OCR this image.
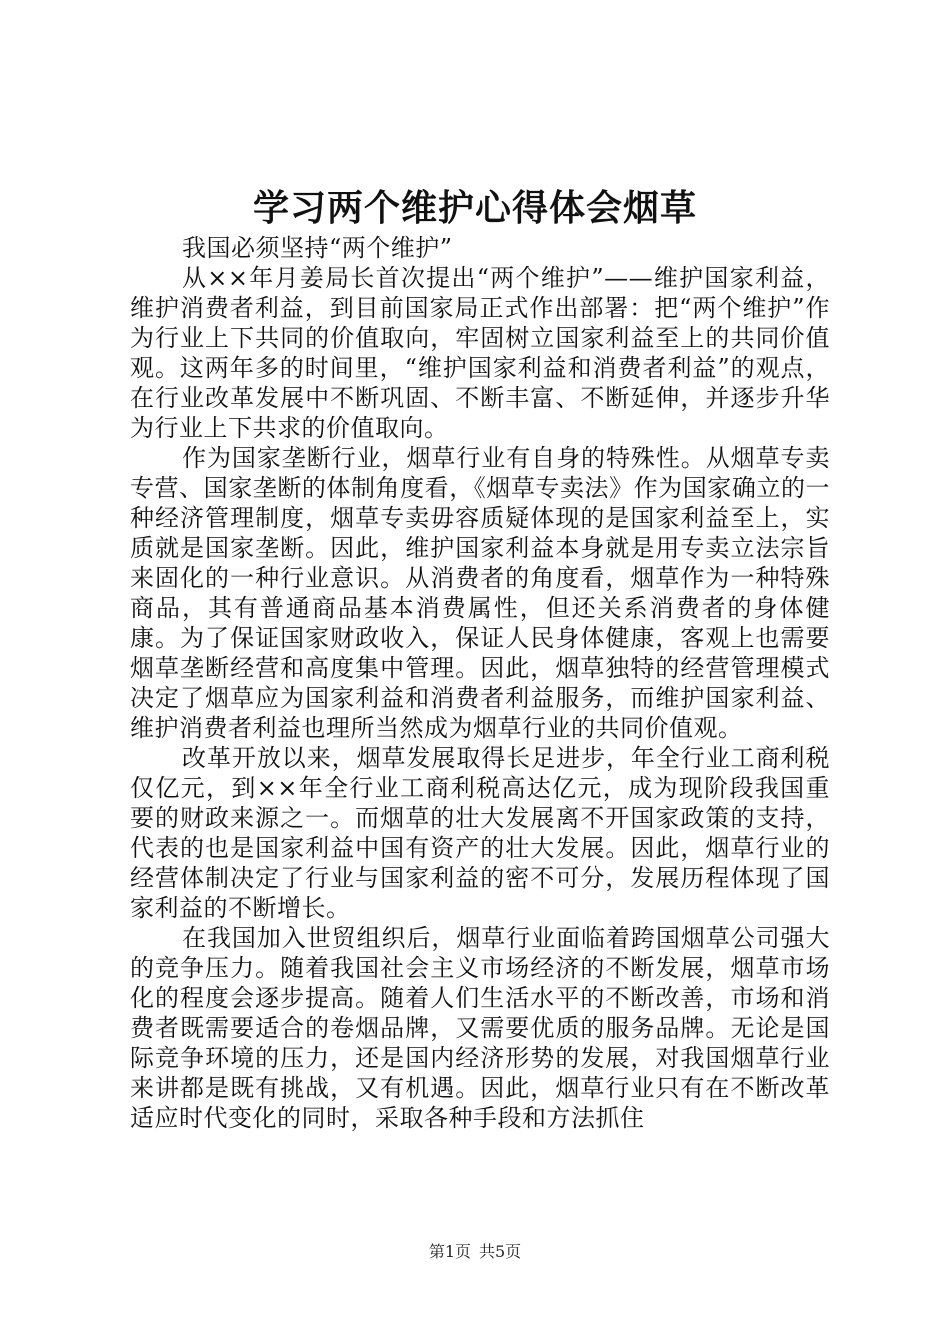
学习两个维护心得体会烟草

我国必须坚持“两个维护”

从××年月姜局长首次提出“两个维护”——维护国家利益，维护消费者利益，到目前国家局正式作出部署：把“两个维护”作为行业上下共同的价值取向，牢固树立国家利益至上的共同价值观。这两年多的时间里，“维护国家利益和消费者利益”的观点，在行业改革发展中不断巩固、不断丰富、不断延伸，并逐步升华为行业上下共求的价值取向。

作为国家垄断行业，烟草行业有自身的特殊性。从烟草专卖专营、国家垄断的体制角度看，《烟草专卖法》作为国家确立的一种经济管理制度，烟草专卖毋容质疑体现的是国家利益至上，实质就是国家垄断。因此，维护国家利益本身就是用专卖立法宗旨来固化的一种行业意识。从消费者的角度看，烟草作为一种特殊商品，其有普通商品基本消费属性，但还关系消费者的身体健康。为了保证国家财政收入，保证人民身体健康，客观上也需要烟草垄断经营和高度集中管理。因此，烟草独特的经营管理模式决定了烟草应为国家利益和消费者利益服务，而维护国家利益、维护消费者利益也理所当然成为烟草行业的共同价值观。

改革开放以来，烟草发展取得长足进步，年全行业工商利税仅亿元，到××年全行业工商利税高达亿元，成为现阶段我国重要的财政来源之一。而烟草的壮大发展离不开国家政策的支持，代表的也是国家利益中国有资产的壮大发展。因此，烟草行业的经营体制决定了行业与国家利益的密不可分，发展历程体现了国家利益的不断增长。

在我国加入世贸组织后，烟草行业面临着跨国烟草公司强大的竞争压力。随着我国社会主义市场经济的不断发展，烟草市场化的程度会逐步提高。随着人们生活水平的不断改善，市场和消费者既需要适合的卷烟品牌，又需要优质的服务品牌。无论是国际竞争环境的压力，还是国内经济形势的发展，对我国烟草行业来讲都是既有挑战，又有机遇。因此，烟草行业只有在不断改革适应时代变化的同时，采取各种手段和方法抓住

第1页 共5页
